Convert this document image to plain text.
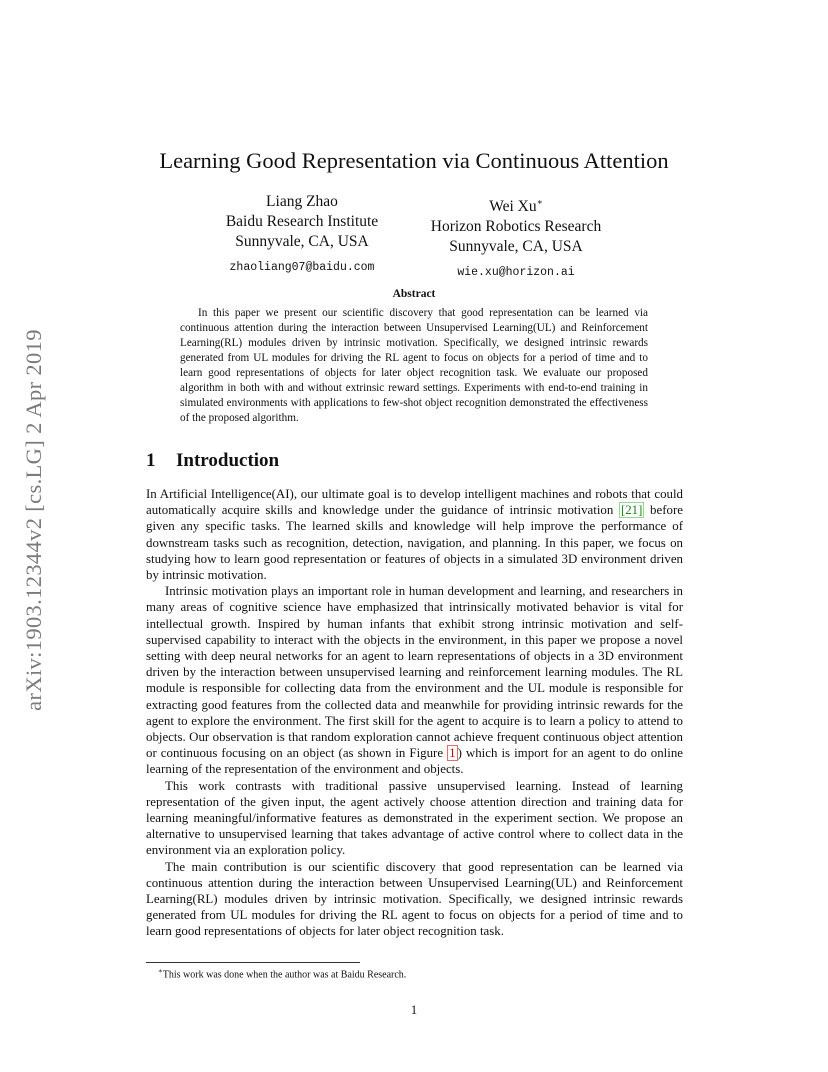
arXiv:1903.12344v2 [cs.LG] 2 Apr 2019
Learning Good Representation via Continuous Attention
Liang Zhao
Baidu Research Institute
Sunnyvale, CA, USA
zhaoliang07@baidu.com
Wei Xu∗
Horizon Robotics Research
Sunnyvale, CA, USA
wie.xu@horizon.ai
Abstract

In this paper we present our scientific discovery that good representation can be learned via continuous attention during the interaction between Unsupervised Learning(UL) and Reinforcement Learning(RL) modules driven by intrinsic motivation. Specifically, we designed intrinsic rewards generated from UL modules for driving the RL agent to focus on objects for a period of time and to learn good representations of objects for later object recognition task. We evaluate our proposed algorithm in both with and without extrinsic reward settings. Experiments with end-to-end training in simulated environments with applications to few-shot object recognition demonstrated the effectiveness of the proposed algorithm.

1 Introduction

In Artificial Intelligence(AI), our ultimate goal is to develop intelligent machines and robots that could automatically acquire skills and knowledge under the guidance of intrinsic motivation [21] before given any specific tasks. The learned skills and knowledge will help improve the performance of downstream tasks such as recognition, detection, navigation, and planning. In this paper, we focus on studying how to learn good representation or features of objects in a simulated 3D environment driven by intrinsic motivation.

Intrinsic motivation plays an important role in human development and learning, and researchers in many areas of cognitive science have emphasized that intrinsically motivated behavior is vital for intellectual growth. Inspired by human infants that exhibit strong intrinsic motivation and self-supervised capability to interact with the objects in the environment, in this paper we propose a novel setting with deep neural networks for an agent to learn representations of objects in a 3D environment driven by the interaction between unsupervised learning and reinforcement learning modules. The RL module is responsible for collecting data from the environment and the UL module is responsible for extracting good features from the collected data and meanwhile for providing intrinsic rewards for the agent to explore the environment. The first skill for the agent to acquire is to learn a policy to attend to objects. Our observation is that random exploration cannot achieve frequent continuous object attention or continuous focusing on an object (as shown in Figure 1 ) which is import for an agent to do online learning of the representation of the environment and objects.

This work contrasts with traditional passive unsupervised learning. Instead of learning representation of the given input, the agent actively choose attention direction and training data for learning meaningful/informative features as demonstrated in the experiment section. We propose an alternative to unsupervised learning that takes advantage of active control where to collect data in the environment via an exploration policy.

The main contribution is our scientific discovery that good representation can be learned via continuous attention during the interaction between Unsupervised Learning(UL) and Reinforcement Learning(RL) modules driven by intrinsic motivation. Specifically, we designed intrinsic rewards generated from UL modules for driving the RL agent to focus on objects for a period of time and to learn good representations of objects for later object recognition task.

∗This work was done when the author was at Baidu Research.
1
